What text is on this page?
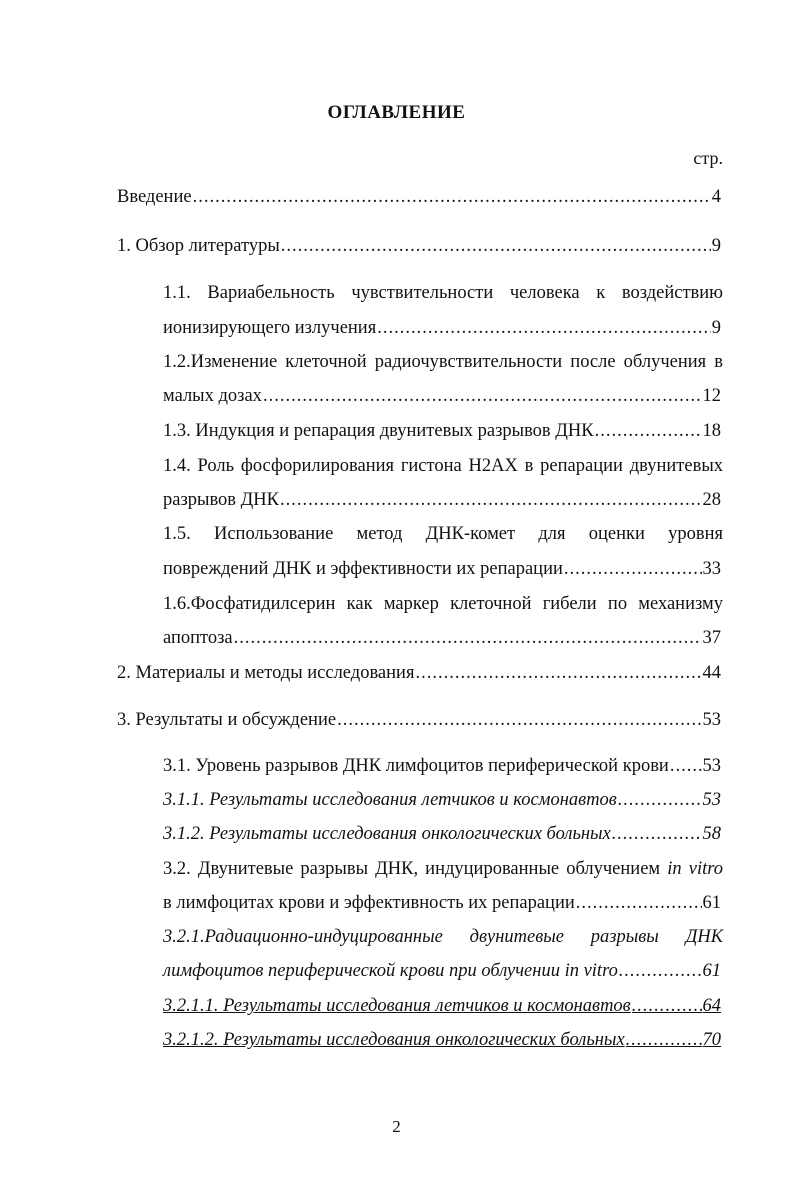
ОГЛАВЛЕНИЕ
стр.
Введение .....	4
1. Обзор литературы .....	9
1.1. Вариабельность чувствительности человека к воздействию
ионизирующего излучения .....	9
1.2.Изменение клеточной радиочувствительности после облучения в
малых дозах .....	12
1.3. Индукция и репарация двунитевых разрывов ДНК .....	18
1.4. Роль фосфорилирования гистона Н2АХ в репарации двунитевых
разрывов ДНК .....	28
1.5. Использование метод ДНК-комет для оценки уровня
повреждений ДНК и эффективности их репарации .....	33
1.6.Фосфатидилсерин как маркер клеточной гибели по механизму
апоптоза .....	37
2. Материалы и методы исследования .....	44
3. Результаты и обсуждение .....	53
3.1. Уровень разрывов ДНК лимфоцитов периферической крови ..... 53
3.1.1. Результаты исследования летчиков и космонавтов .....	53
3.1.2. Результаты исследования онкологических больных .....	58
3.2. Двунитевые разрывы ДНК, индуцированные облучением in vitro
в лимфоцитах крови и эффективность их репарации .....	61
3.2.1.Радиационно-индуцированные двунитевые разрывы ДНК
лимфоцитов периферической крови при облучении in vitro .....	61
3.2.1.1. Результаты исследования летчиков и космонавтов .....	64
3.2.1.2. Результаты исследования онкологических больных .....	70
2
